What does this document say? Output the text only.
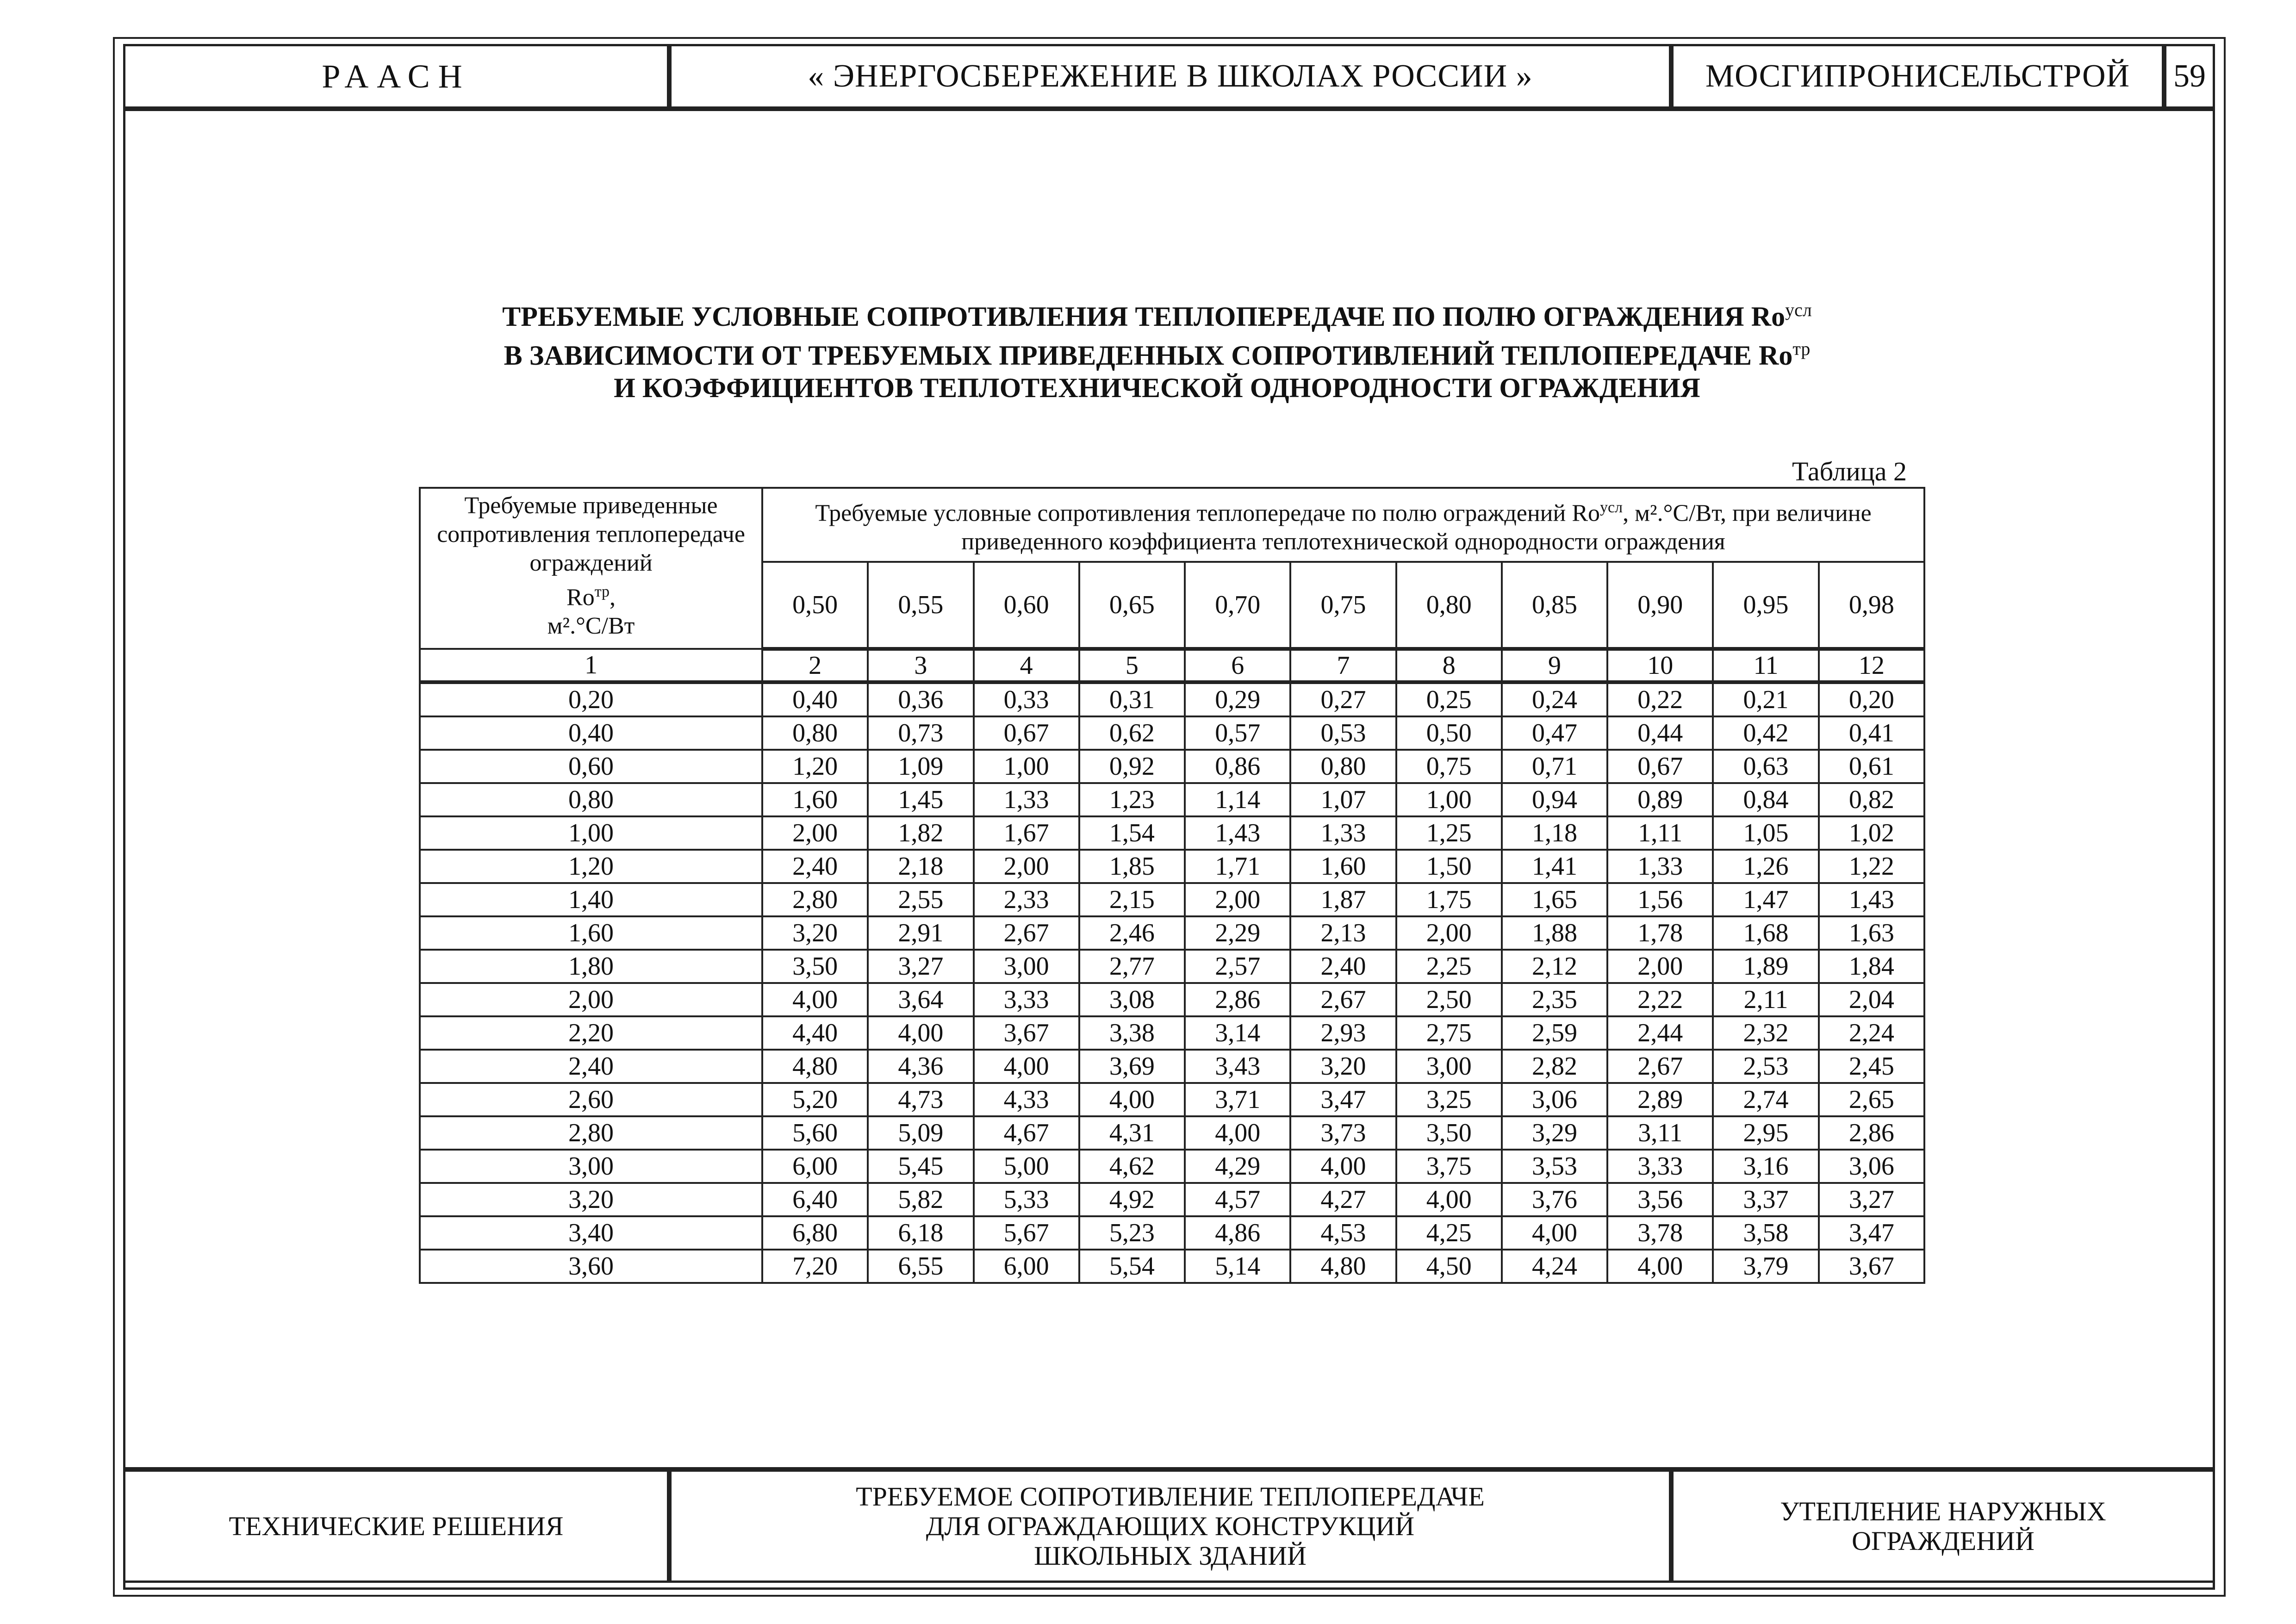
РААСН	« ЭНЕРГОСБЕРЕЖЕНИЕ В ШКОЛАХ РОССИИ »	МОСГИПРОНИСЕЛЬСТРОЙ 59
ТРЕБУЕМЫЕ УСЛОВНЫЕ СОПРОТИВЛЕНИЯ ТЕПЛОПЕРЕДАЧЕ ПО ПОЛЮ ОГРАЖДЕНИЯ $Rо^{усл}$
В ЗАВИСИМОСТИ ОТ ТРЕБУЕМЫХ ПРИВЕДЕННЫХ СОПРОТИВЛЕНИЙ ТЕПЛОПЕРЕДАЧЕ $Rо^{тр}$
И КОЭФФИЦИЕНТОВ ТЕПЛОТЕХНИЧЕСКОЙ ОДНОРОДНОСТИ ОГРАЖДЕНИЯ
Таблица 2
Требуемые приведенные сопротивления теплопередаче ограждений
$Ro^{тр}$,
м².°С/Вт	Требуемые условные сопротивления теплопередаче по полю ограждений $Ro^{усл}$, м².°С/Вт, при величине приведенного коэффициента теплотехнической однородности ограждения										
	0,50	0,55	0,60	0,65	0,70	0,75	0,80	0,85	0,90	0,95	0,98
1	2	3	4	5	6	7	8	9	10	11	12
0,20	0,40	0,36	0,33	0,31	0,29	0,27	0,25	0,24	0,22	0,21	0,20
0,40	0,80	0,73	0,67	0,62	0,57	0,53	0,50	0,47	0,44	0,42	0,41
0,60	1,20	1,09	1,00	0,92	0,86	0,80	0,75	0,71	0,67	0,63	0,61
0,80	1,60	1,45	1,33	1,23	1,14	1,07	1,00	0,94	0,89	0,84	0,82
1,00	2,00	1,82	1,67	1,54	1,43	1,33	1,25	1,18	1,11	1,05	1,02
1,20	2,40	2,18	2,00	1,85	1,71	1,60	1,50	1,41	1,33	1,26	1,22
1,40	2,80	2,55	2,33	2,15	2,00	1,87	1,75	1,65	1,56	1,47	1,43
1,60	3,20	2,91	2,67	2,46	2,29	2,13	2,00	1,88	1,78	1,68	1,63
1,80	3,50	3,27	3,00	2,77	2,57	2,40	2,25	2,12	2,00	1,89	1,84
2,00	4,00	3,64	3,33	3,08	2,86	2,67	2,50	2,35	2,22	2,11	2,04
2,20	4,40	4,00	3,67	3,38	3,14	2,93	2,75	2,59	2,44	2,32	2,24
2,40	4,80	4,36	4,00	3,69	3,43	3,20	3,00	2,82	2,67	2,53	2,45
2,60	5,20	4,73	4,33	4,00	3,71	3,47	3,25	3,06	2,89	2,74	2,65
2,80	5,60	5,09	4,67	4,31	4,00	3,73	3,50	3,29	3,11	2,95	2,86
3,00	6,00	5,45	5,00	4,62	4,29	4,00	3,75	3,53	3,33	3,16	3,06
3,20	6,40	5,82	5,33	4,92	4,57	4,27	4,00	3,76	3,56	3,37	3,27
3,40	6,80	6,18	5,67	5,23	4,86	4,53	4,25	4,00	3,78	3,58	3,47
3,60	7,20	6,55	6,00	5,54	5,14	4,80	4,50	4,24	4,00	3,79	3,67
ТЕХНИЧЕСКИЕ РЕШЕНИЯ
ТРЕБУЕМОЕ СОПРОТИВЛЕНИЕ ТЕПЛОПЕРЕДАЧЕ
ДЛЯ ОГРАЖДАЮЩИХ КОНСТРУКЦИЙ
ШКОЛЬНЫХ ЗДАНИЙ
УТЕПЛЕНИЕ НАРУЖНЫХ
ОГРАЖДЕНИЙ
